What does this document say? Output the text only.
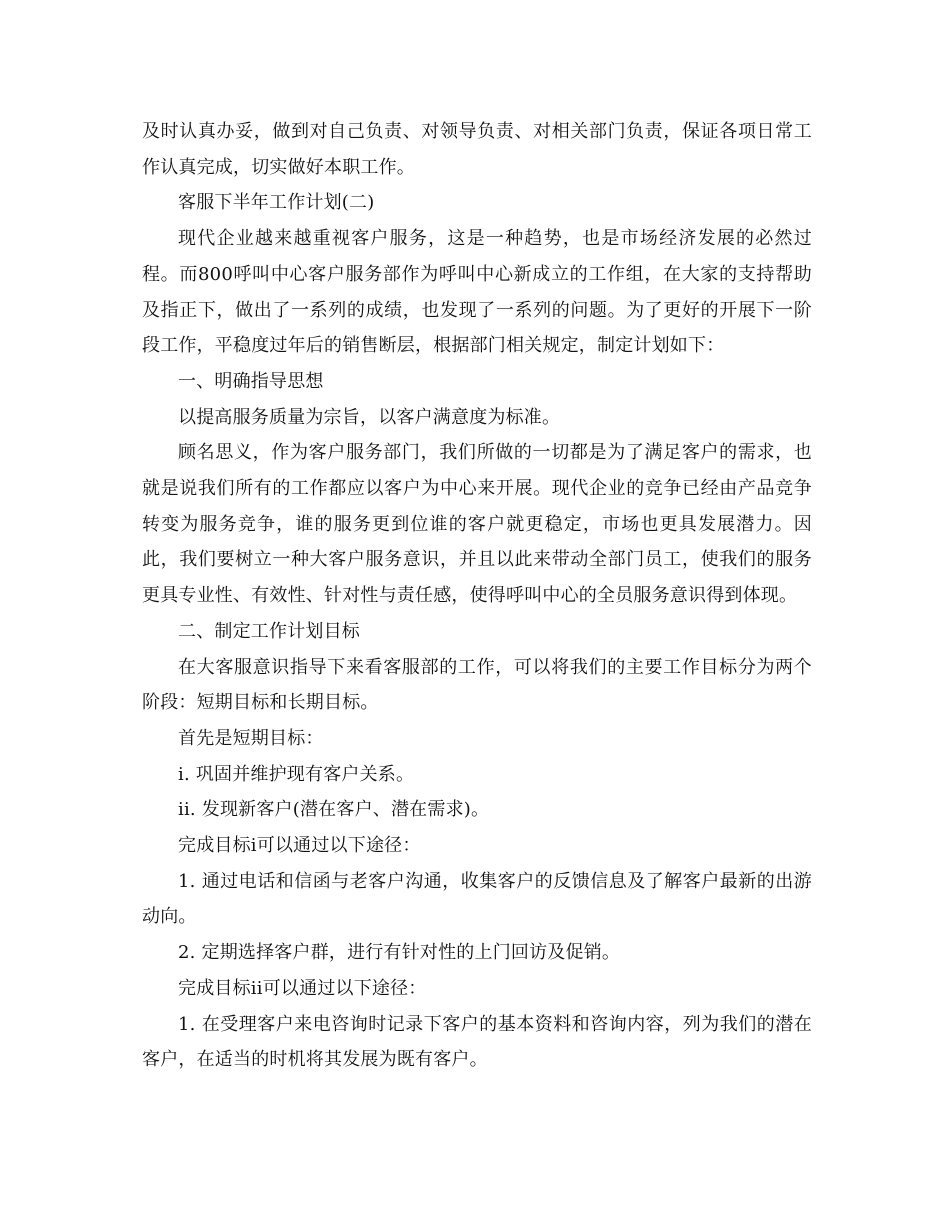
及时认真办妥，做到对自己负责、对领导负责、对相关部门负责，保证各项日常工作认真完成，切实做好本职工作。

客服下半年工作计划(二)

现代企业越来越重视客户服务，这是一种趋势，也是市场经济发展的必然过程。而800呼叫中心客户服务部作为呼叫中心新成立的工作组，在大家的支持帮助及指正下，做出了一系列的成绩，也发现了一系列的问题。为了更好的开展下一阶段工作，平稳度过年后的销售断层，根据部门相关规定，制定计划如下：

一、明确指导思想

以提高服务质量为宗旨，以客户满意度为标准。

顾名思义，作为客户服务部门，我们所做的一切都是为了满足客户的需求，也就是说我们所有的工作都应以客户为中心来开展。现代企业的竞争已经由产品竞争转变为服务竞争，谁的服务更到位谁的客户就更稳定，市场也更具发展潜力。因此，我们要树立一种大客户服务意识，并且以此来带动全部门员工，使我们的服务更具专业性、有效性、针对性与责任感，使得呼叫中心的全员服务意识得到体现。

二、制定工作计划目标

在大客服意识指导下来看客服部的工作，可以将我们的主要工作目标分为两个阶段：短期目标和长期目标。

首先是短期目标：

i. 巩固并维护现有客户关系。

ii. 发现新客户(潜在客户、潜在需求)。

完成目标i可以通过以下途径：

1. 通过电话和信函与老客户沟通，收集客户的反馈信息及了解客户最新的出游动向。

2. 定期选择客户群，进行有针对性的上门回访及促销。

完成目标ii可以通过以下途径：

1. 在受理客户来电咨询时记录下客户的基本资料和咨询内容，列为我们的潜在客户，在适当的时机将其发展为既有客户。
